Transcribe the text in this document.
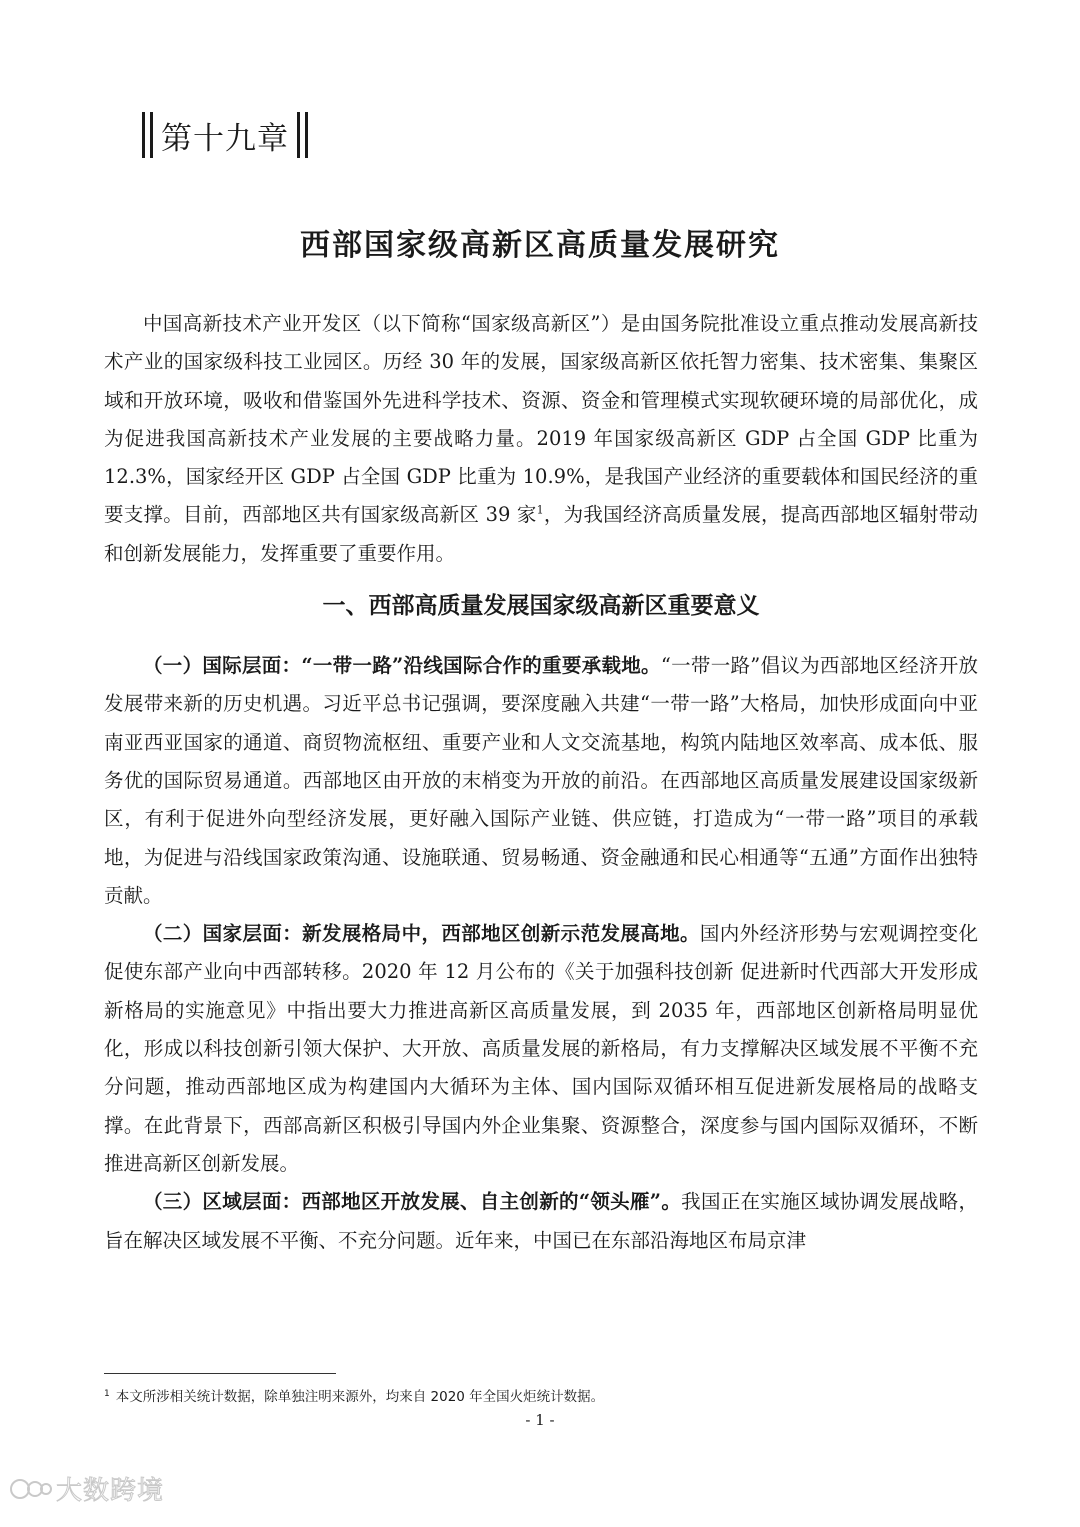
第十九章
西部国家级高新区高质量发展研究

中国高新技术产业开发区（以下简称“国家级高新区”）是由国务院批准设立重点推动发展高新技术产业的国家级科技工业园区。历经 30 年的发展，国家级高新区依托智力密集、技术密集、集聚区域和开放环境，吸收和借鉴国外先进科学技术、资源、资金和管理模式实现软硬环境的局部优化，成为促进我国高新技术产业发展的主要战略力量。2019 年国家级高新区 GDP 占全国 GDP 比重为 12.3%，国家经开区 GDP 占全国 GDP 比重为 10.9%，是我国产业经济的重要载体和国民经济的重要支撑。目前，西部地区共有国家级高新区 39 家$^1$，为我国经济高质量发展，提高西部地区辐射带动和创新发展能力，发挥重要了重要作用。

一、西部高质量发展国家级高新区重要意义

（一）国际层面：“一带一路”沿线国际合作的重要承载地。“一带一路”倡议为西部地区经济开放发展带来新的历史机遇。习近平总书记强调，要深度融入共建“一带一路”大格局，加快形成面向中亚南亚西亚国家的通道、商贸物流枢纽、重要产业和人文交流基地，构筑内陆地区效率高、成本低、服务优的国际贸易通道。西部地区由开放的末梢变为开放的前沿。在西部地区高质量发展建设国家级新区，有利于促进外向型经济发展，更好融入国际产业链、供应链，打造成为“一带一路”项目的承载地，为促进与沿线国家政策沟通、设施联通、贸易畅通、资金融通和民心相通等“五通”方面作出独特贡献。

（二）国家层面：新发展格局中，西部地区创新示范发展高地。国内外经济形势与宏观调控变化促使东部产业向中西部转移。2020 年 12 月公布的《关于加强科技创新 促进新时代西部大开发形成新格局的实施意见》中指出要大力推进高新区高质量发展，到 2035 年，西部地区创新格局明显优化，形成以科技创新引领大保护、大开放、高质量发展的新格局，有力支撑解决区域发展不平衡不充分问题，推动西部地区成为构建国内大循环为主体、国内国际双循环相互促进新发展格局的战略支撑。在此背景下，西部高新区积极引导国内外企业集聚、资源整合，深度参与国内国际双循环，不断推进高新区创新发展。

（三）区域层面：西部地区开放发展、自主创新的“领头雁”。我国正在实施区域协调发展战略，旨在解决区域发展不平衡、不充分问题。近年来，中国已在东部沿海地区布局京津

$^1$ 本文所涉相关统计数据，除单独注明来源外，均来自 2020 年全国火炬统计数据。
- 1 -
大数跨境
